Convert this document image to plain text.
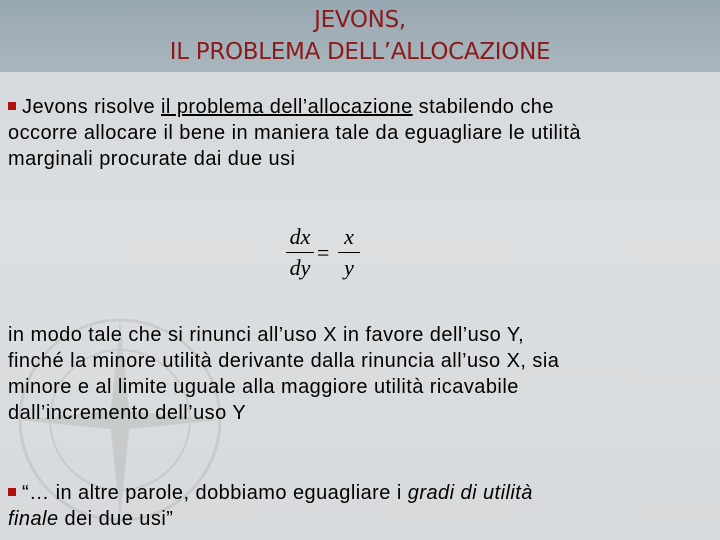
JEVONS,
IL PROBLEMA DELL’ALLOCAZIONE
Jevons risolve il problema dell’allocazione stabilendo che
occorre allocare il bene in maniera tale da eguagliare le utilità
marginali procurate dai due usi
dx
dy
=
x
y
in modo tale che si rinunci all’uso X in favore dell’uso Y,
finché la minore utilità derivante dalla rinuncia all’uso X, sia
minore e al limite uguale alla maggiore utilità ricavabile
dall’incremento dell’uso Y
“… in altre parole, dobbiamo eguagliare i gradi di utilità
finale dei due usi”
